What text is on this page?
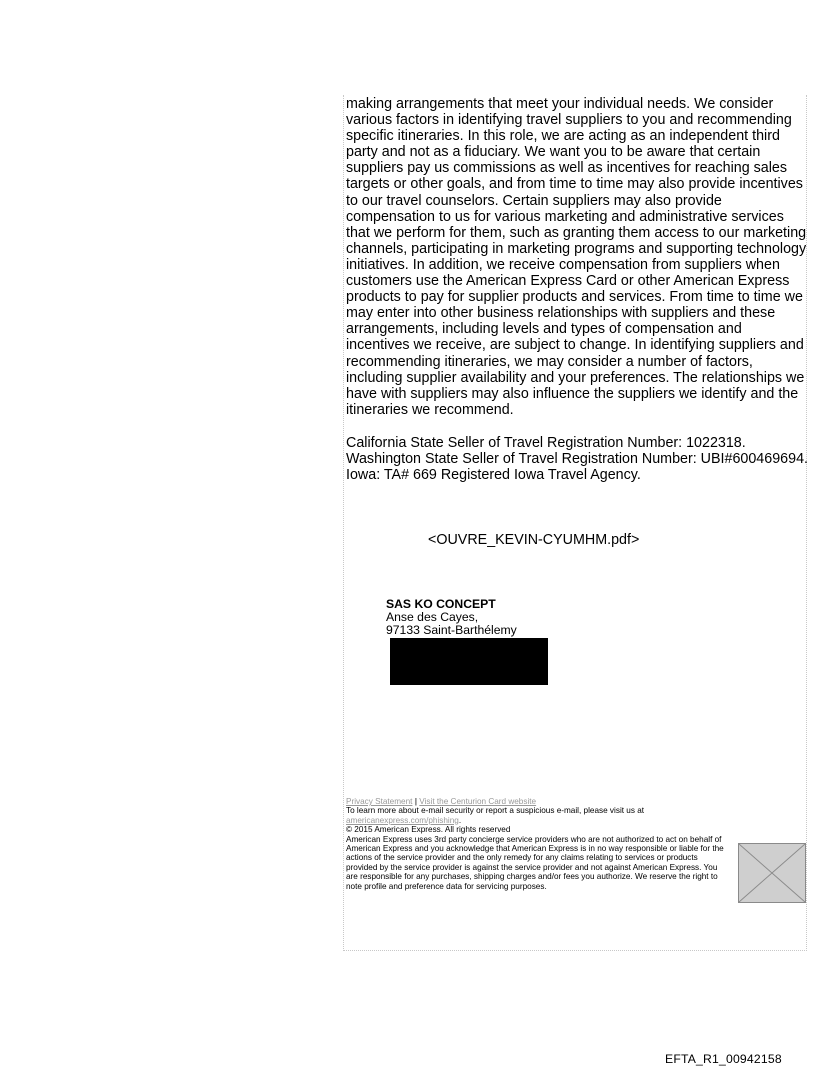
making arrangements that meet your individual needs. We consider various factors in identifying travel suppliers to you and recommending specific itineraries. In this role, we are acting as an independent third party and not as a fiduciary. We want you to be aware that certain suppliers pay us commissions as well as incentives for reaching sales targets or other goals, and from time to time may also provide incentives to our travel counselors. Certain suppliers may also provide compensation to us for various marketing and administrative services that we perform for them, such as granting them access to our marketing channels, participating in marketing programs and supporting technology initiatives. In addition, we receive compensation from suppliers when customers use the American Express Card or other American Express products to pay for supplier products and services. From time to time we may enter into other business relationships with suppliers and these arrangements, including levels and types of compensation and incentives we receive, are subject to change. In identifying suppliers and recommending itineraries, we may consider a number of factors, including supplier availability and your preferences. The relationships we have with suppliers may also influence the suppliers we identify and the itineraries we recommend.

California State Seller of Travel Registration Number: 1022318. Washington State Seller of Travel Registration Number: UBI#600469694. Iowa: TA# 669 Registered Iowa Travel Agency.

<OUVRE_KEVIN-CYUMHM.pdf>
SAS KO CONCEPT
Anse des Cayes,
97133 Saint-Barthélemy
Privacy Statement | Visit the Centurion Card website
To learn more about e-mail security or report a suspicious e-mail, please visit us at
americanexpress.com/phishing.
© 2015 American Express. All rights reserved
American Express uses 3rd party concierge service providers who are not authorized to act on behalf of American Express and you acknowledge that American Express is in no way responsible or liable for the actions of the service provider and the only remedy for any claims relating to services or products provided by the service provider is against the service provider and not against American Express. You are responsible for any purchases, shipping charges and/or fees you authorize. We reserve the right to note profile and preference data for servicing purposes.
EFTA_R1_00942158
